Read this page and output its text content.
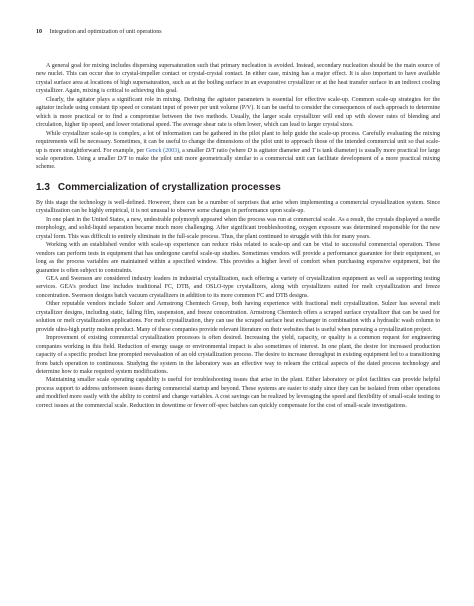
10 Integration and optimization of unit operations

A general goal for mixing includes dispersing supersaturation such that primary nucleation is avoided. Instead, secondary nucleation should be the main source of new nuclei. This can occur due to crystal-impeller contact or crystal-crystal contact. In either case, mixing has a major effect. It is also important to have available crystal surface area at locations of high supersaturation, such as at the boiling surface in an evaporative crystallizer or at the heat transfer surface in an indirect cooling crystallizer. Again, mixing is critical to achieving this goal.

Clearly, the agitator plays a significant role in mixing. Defining the agitator parameters is essential for effective scale-up. Common scale-up strategies for the agitator include using constant tip speed or constant input of power per unit volume (P/V). It can be useful to consider the consequences of each approach to determine which is more practical or to find a compromise between the two methods. Usually, the larger scale crystallizer will end up with slower rates of blending and circulation, higher tip speed, and lower rotational speed. The average shear rate is often lower, which can lead to larger crystal sizes.

While crystallizer scale-up is complex, a lot of information can be gathered in the pilot plant to help guide the scale-up process. Carefully evaluating the mixing requirements will be necessary. Sometimes, it can be useful to change the dimensions of the pilot unit to approach those of the intended commercial unit so that scale-up is more straightforward. For example, per Genck (2003), a smaller D/T ratio (where D is agitator diameter and T is tank diameter) is usually more practical for large scale operation. Using a smaller D/T to make the pilot unit more geometrically similar to a commercial unit can facilitate development of a more practical mixing scheme.

1.3 Commercialization of crystallization processes

By this stage the technology is well-defined. However, there can be a number of surprises that arise when implementing a commercial crystallization system. Since crystallization can be highly empirical, it is not unusual to observe some changes in performance upon scale-up.

In one plant in the United States, a new, undesirable polymorph appeared when the process was run at commercial scale. As a result, the crystals displayed a needle morphology, and solid-liquid separation became much more challenging. After significant troubleshooting, oxygen exposure was determined responsible for the new crystal form. This was difficult to entirely eliminate in the full-scale process. Thus, the plant continued to struggle with this for many years.

Working with an established vendor with scale-up experience can reduce risks related to scale-up and can be vital to successful commercial operation. These vendors can perform tests in equipment that has undergone careful scale-up studies. Sometimes vendors will provide a performance guarantee for their equipment, so long as the process variables are maintained within a specified window. This provides a higher level of comfort when purchasing expensive equipment, but the guarantee is often subject to constraints.

GEA and Swenson are considered industry leaders in industrial crystallization, each offering a variety of crystallization equipment as well as supporting testing services. GEA’s product line includes traditional FC, DTB, and OSLO-type crystallizers, along with crystallizers suited for melt crystallization and freeze concentration. Swenson designs batch vacuum crystallizers in addition to its more common FC and DTB designs.

Other reputable vendors include Sulzer and Armstrong Chemtech Group, both having experience with fractional melt crystallization. Sulzer has several melt crystallizer designs, including static, falling film, suspension, and freeze concentration. Armstrong Chemtech offers a scraped surface crystallizer that can be used for solution or melt crystallization applications. For melt crystallization, they can use the scraped surface heat exchanger in combination with a hydraulic wash column to provide ultra-high purity molten product. Many of these companies provide relevant literature on their websites that is useful when pursuing a crystallization project.

Improvement of existing commercial crystallization processes is often desired. Increasing the yield, capacity, or quality is a common request for engineering companies working in this field. Reduction of energy usage or environmental impact is also sometimes of interest. In one plant, the desire for increased production capacity of a specific product line prompted reevaluation of an old crystallization process. The desire to increase throughput in existing equipment led to a transitioning from batch operation to continuous. Studying the system in the laboratory was an effective way to relearn the critical aspects of the dated process technology and determine how to make required system modifications.

Maintaining smaller scale operating capability is useful for troubleshooting issues that arise in the plant. Either laboratory or pilot facilities can provide helpful process support to address unforeseen issues during commercial startup and beyond. These systems are easier to study since they can be isolated from other operations and modified more easily with the ability to control and change variables. A cost savings can be realized by leveraging the speed and flexibility of small-scale testing to correct issues at the commercial scale. Reduction in downtime or fewer off-spec batches can quickly compensate for the cost of small-scale investigations.
